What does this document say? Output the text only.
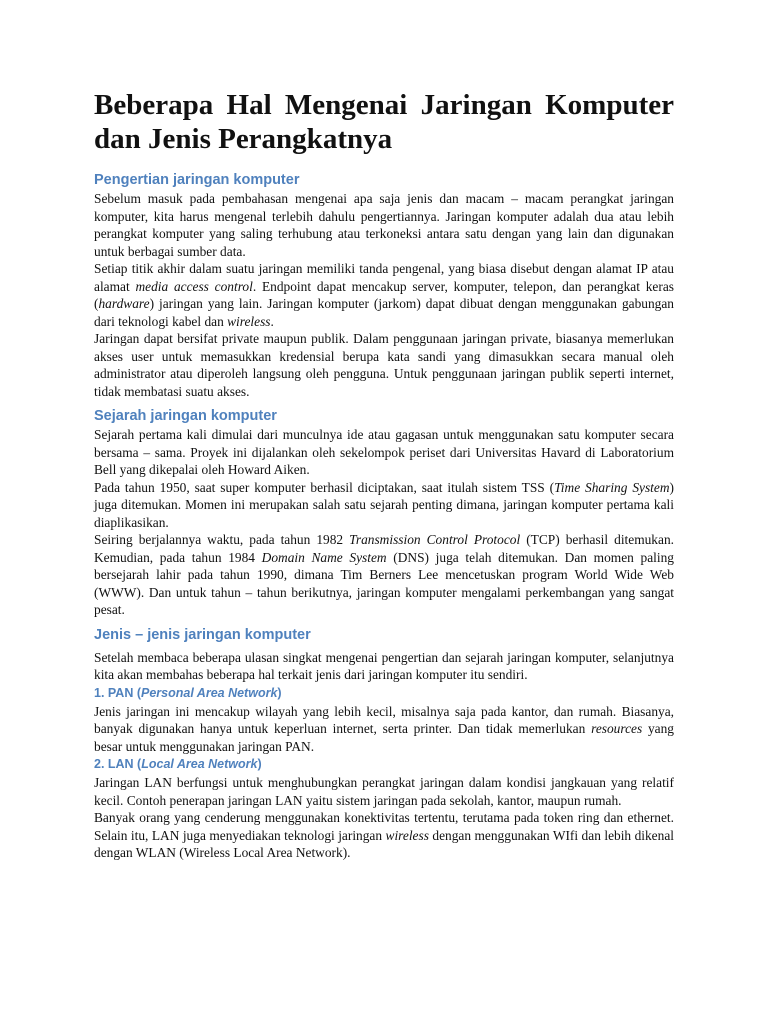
Beberapa Hal Mengenai Jaringan Komputer dan Jenis Perangkatnya
Pengertian jaringan komputer

Sebelum masuk pada pembahasan mengenai apa saja jenis dan macam – macam perangkat jaringan komputer, kita harus mengenal terlebih dahulu pengertiannya. Jaringan komputer adalah dua atau lebih perangkat komputer yang saling terhubung atau terkoneksi antara satu dengan yang lain dan digunakan untuk berbagai sumber data.

Setiap titik akhir dalam suatu jaringan memiliki tanda pengenal, yang biasa disebut dengan alamat IP atau alamat media access control. Endpoint dapat mencakup server, komputer, telepon, dan perangkat keras (hardware) jaringan yang lain. Jaringan komputer (jarkom) dapat dibuat dengan menggunakan gabungan dari teknologi kabel dan wireless.

Jaringan dapat bersifat private maupun publik. Dalam penggunaan jaringan private, biasanya memerlukan akses user untuk memasukkan kredensial berupa kata sandi yang dimasukkan secara manual oleh administrator atau diperoleh langsung oleh pengguna. Untuk penggunaan jaringan publik seperti internet, tidak membatasi suatu akses.

Sejarah jaringan komputer

Sejarah pertama kali dimulai dari munculnya ide atau gagasan untuk menggunakan satu komputer secara bersama – sama. Proyek ini dijalankan oleh sekelompok periset dari Universitas Havard di Laboratorium Bell yang dikepalai oleh Howard Aiken.

Pada tahun 1950, saat super komputer berhasil diciptakan, saat itulah sistem TSS (Time Sharing System) juga ditemukan. Momen ini merupakan salah satu sejarah penting dimana, jaringan komputer pertama kali diaplikasikan.

Seiring berjalannya waktu, pada tahun 1982 Transmission Control Protocol (TCP) berhasil ditemukan. Kemudian, pada tahun 1984 Domain Name System (DNS) juga telah ditemukan. Dan momen paling bersejarah lahir pada tahun 1990, dimana Tim Berners Lee mencetuskan program World Wide Web (WWW). Dan untuk tahun – tahun berikutnya, jaringan komputer mengalami perkembangan yang sangat pesat.

Jenis – jenis jaringan komputer

Setelah membaca beberapa ulasan singkat mengenai pengertian dan sejarah jaringan komputer, selanjutnya kita akan membahas beberapa hal terkait jenis dari jaringan komputer itu sendiri.

1. PAN (Personal Area Network)

Jenis jaringan ini mencakup wilayah yang lebih kecil, misalnya saja pada kantor, dan rumah. Biasanya, banyak digunakan hanya untuk keperluan internet, serta printer. Dan tidak memerlukan resources yang besar untuk menggunakan jaringan PAN.

2. LAN (Local Area Network)

Jaringan LAN berfungsi untuk menghubungkan perangkat jaringan dalam kondisi jangkauan yang relatif kecil. Contoh penerapan jaringan LAN yaitu sistem jaringan pada sekolah, kantor, maupun rumah.

Banyak orang yang cenderung menggunakan konektivitas tertentu, terutama pada token ring dan ethernet. Selain itu, LAN juga menyediakan teknologi jaringan wireless dengan menggunakan WIfi dan lebih dikenal dengan WLAN (Wireless Local Area Network).
